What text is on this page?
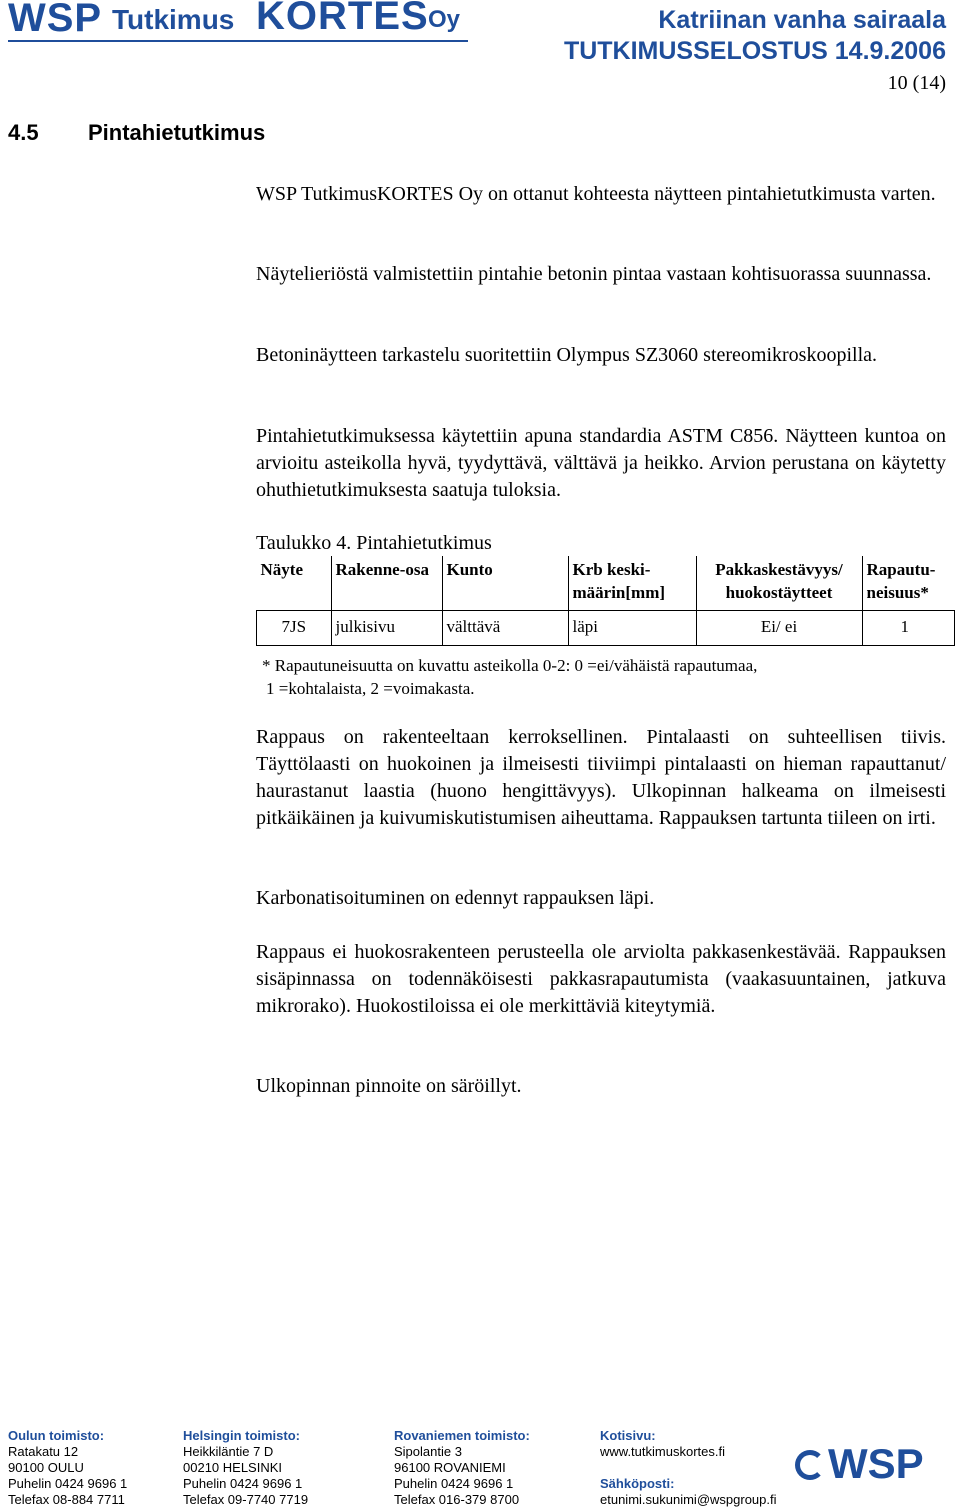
WSP Tutkimus KORTES Oy	Katriinan vanha sairaala
TUTKIMUSSELOSTUS 14.9.2006
10 (14)
4.5 Pintahietutkimus
WSP TutkimusKORTES Oy on ottanut kohteesta näytteen pintahietutkimusta varten.
Näytelieriöstä valmistettiin pintahie betonin pintaa vastaan kohtisuorassa suunnassa.
Betoninäytteen tarkastelu suoritettiin Olympus SZ3060 stereomikroskoopilla.
Pintahietutkimuksessa käytettiin apuna standardia ASTM C856. Näytteen kuntoa on arvioitu asteikolla hyvä, tyydyttävä, välttävä ja heikko. Arvion perustana on käytetty ohuthietutkimuksesta saatuja tuloksia.
Taulukko 4. Pintahietutkimus
Näyte	Rakenne-osa	Kunto	Krb keski-määrin[mm]	Pakkaskestävyys/ huokostäytteet	Rapautu-neisuus*
7JS	julkisivu	välttävä	läpi	Ei/ ei	1
* Rapautuneisuutta on kuvattu asteikolla 0-2: 0 =ei/vähäistä rapautumaa,
1 =kohtalaista, 2 =voimakasta.
Rappaus on rakenteeltaan kerroksellinen. Pintalaasti on suhteellisen tiivis. Täyttölaasti on huokoinen ja ilmeisesti tiiviimpi pintalaasti on hieman rapauttanut/ haurastanut laastia (huono hengittävyys). Ulkopinnan halkeama on ilmeisesti pitkäikäinen ja kuivumiskutistumisen aiheuttama. Rappauksen tartunta tiileen on irti.
Karbonatisoituminen on edennyt rappauksen läpi.
Rappaus ei huokosrakenteen perusteella ole arviolta pakkasenkestävää. Rappauksen sisäpinnassa on todennäköisesti pakkasrapautumista (vaakasuuntainen, jatkuva mikrorako). Huokostiloissa ei ole merkittäviä kiteytymiä.
Ulkopinnan pinnoite on säröillyt.
Oulun toimisto:
Ratakatu 12
90100 OULU
Puhelin 0424 9696 1
Telefax 08-884 7711
Helsingin toimisto:
Heikkiläntie 7 D
00210 HELSINKI
Puhelin 0424 9696 1
Telefax 09-7740 7719
Rovaniemen toimisto:
Sipolantie 3
96100 ROVANIEMI
Puhelin 0424 9696 1
Telefax 016-379 8700
Kotisivu:
www.tutkimuskortes.fi

Sähköposti:
etunimi.sukunimi@wspgroup.fi
WSP
